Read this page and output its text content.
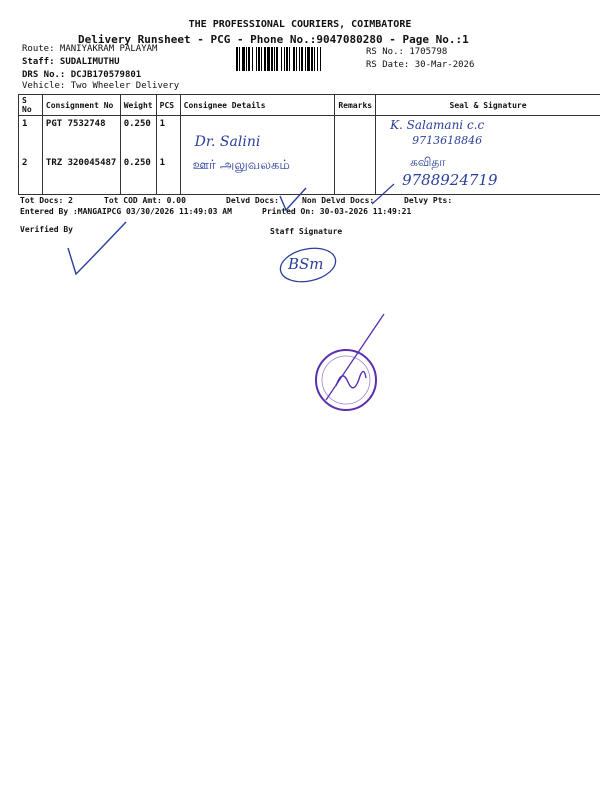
THE PROFESSIONAL COURIERS, COIMBATORE
Delivery Runsheet - PCG - Phone No.:9047080280 - Page No.:1
Route: MANIYAKRAM PALAYAM
Staff: SUDALIMUTHU
DRS No.: DCJB170579801
Vehicle: Two Wheeler Delivery
RS No.: 1705798
RS Date: 30-Mar-2026
S No	Consignment No	Weight	PCS	Consignee Details	Remarks	Seal & Signature
1	PGT 7532748	0.250	1	Dr. Salini		K. Salamani c.c
9713618846

2	TRZ 320045487	0.250	1	ஊர் அலுவலகம்		கவிதா
9788924719
Tot Docs: 2	Tot COD Amt: 0.00	Delvd Docs:	Non Delvd Docs:	Delvy Pts:
Entered By :MANGAIPCG 03/30/2026 11:49:03 AM	Printed On: 30-03-2026 11:49:21
Verified By	Staff Signature
BSm
